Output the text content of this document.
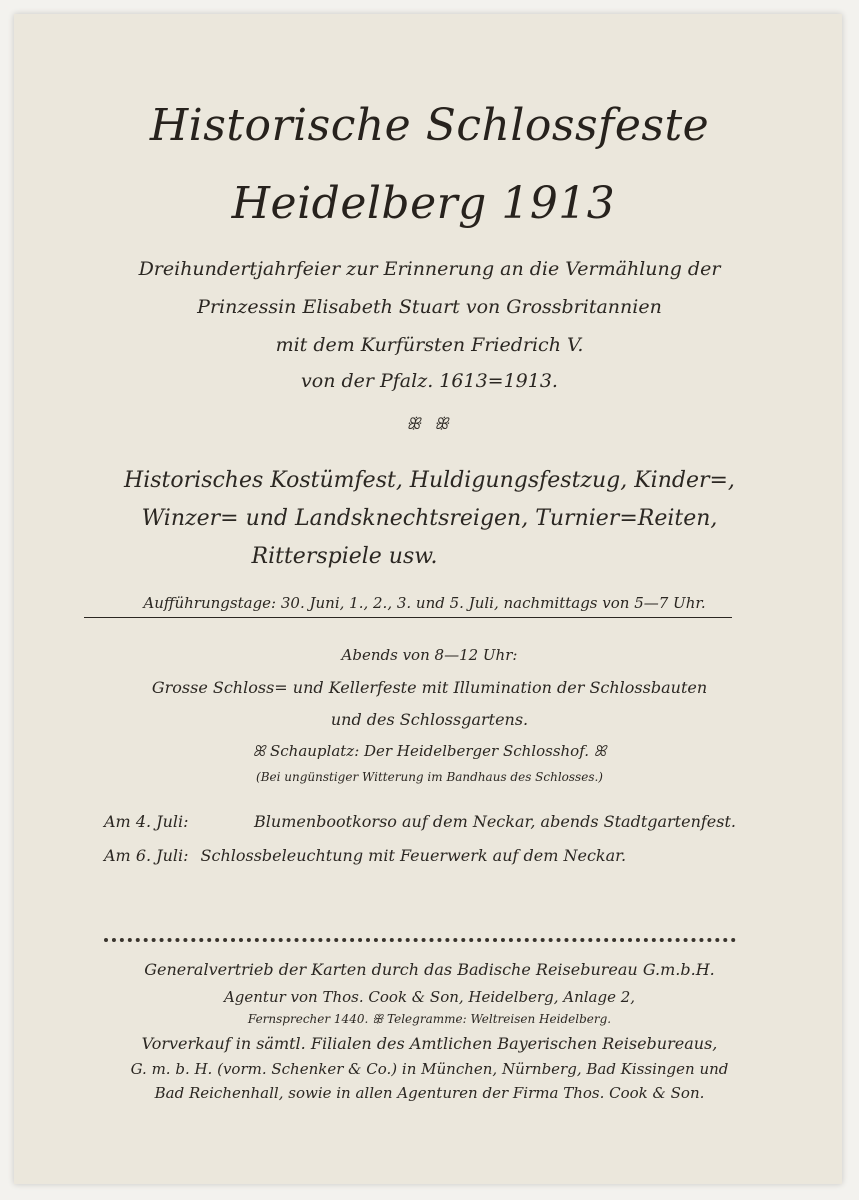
Historische Schlossfeste
Heidelberg 1913
Dreihundertjahrfeier zur Erinnerung an die Vermählung der
Prinzessin Elisabeth Stuart von Grossbritannien
mit dem Kurfürsten Friedrich V.
von der Pfalz. 1613=1913.
ꕥ ꕥ
Historisches Kostümfest, Huldigungsfestzug, Kinder=,
Winzer= und Landsknechtsreigen, Turnier=Reiten,
Ritterspiele usw.
Aufführungstage: 30. Juni, 1., 2., 3. und 5. Juli, nachmittags von 5—7 Uhr.
Abends von 8—12 Uhr:
Grosse Schloss= und Kellerfeste mit Illumination der Schlossbauten
und des Schlossgartens.
ꕤ Schauplatz: Der Heidelberger Schlosshof. ꕤ
(Bei ungünstiger Witterung im Bandhaus des Schlosses.)
Am 4. Juli:	Blumenbootkorso auf dem Neckar, abends Stadtgartenfest.
Am 6. Juli: Schlossbeleuchtung mit Feuerwerk auf dem Neckar.
Generalvertrieb der Karten durch das Badische Reisebureau G.m.b.H.
Agentur von Thos. Cook & Son, Heidelberg, Anlage 2,
Fernsprecher 1440. ꕥ Telegramme: Weltreisen Heidelberg.
Vorverkauf in sämtl. Filialen des Amtlichen Bayerischen Reisebureaus,
G. m. b. H. (vorm. Schenker & Co.) in München, Nürnberg, Bad Kissingen und
Bad Reichenhall, sowie in allen Agenturen der Firma Thos. Cook & Son.
